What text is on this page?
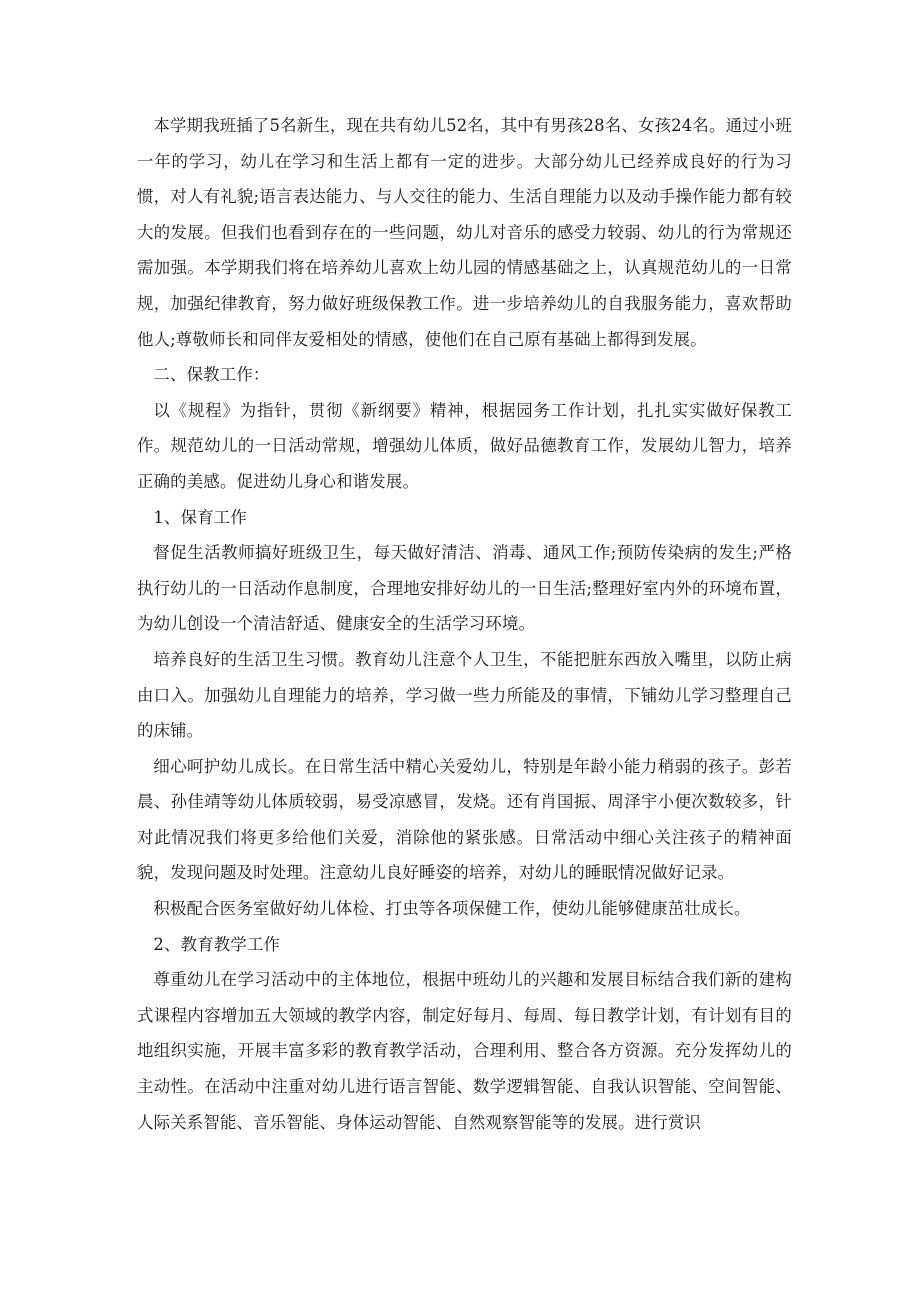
本学期我班插了5名新生，现在共有幼儿52名，其中有男孩28名、女孩24名。通过小班一年的学习，幼儿在学习和生活上都有一定的进步。大部分幼儿已经养成良好的行为习惯，对人有礼貌;语言表达能力、与人交往的能力、生活自理能力以及动手操作能力都有较大的发展。但我们也看到存在的一些问题，幼儿对音乐的感受力较弱、幼儿的行为常规还需加强。本学期我们将在培养幼儿喜欢上幼儿园的情感基础之上，认真规范幼儿的一日常规，加强纪律教育，努力做好班级保教工作。进一步培养幼儿的自我服务能力，喜欢帮助他人;尊敬师长和同伴友爱相处的情感，使他们在自己原有基础上都得到发展。

二、保教工作：

以《规程》为指针，贯彻《新纲要》精神，根据园务工作计划，扎扎实实做好保教工作。规范幼儿的一日活动常规，增强幼儿体质，做好品德教育工作，发展幼儿智力，培养正确的美感。促进幼儿身心和谐发展。

1、保育工作

督促生活教师搞好班级卫生，每天做好清洁、消毒、通风工作;预防传染病的发生;严格执行幼儿的一日活动作息制度，合理地安排好幼儿的一日生活;整理好室内外的环境布置，为幼儿创设一个清洁舒适、健康安全的生活学习环境。

培养良好的生活卫生习惯。教育幼儿注意个人卫生，不能把脏东西放入嘴里，以防止病由口入。加强幼儿自理能力的培养，学习做一些力所能及的事情，下铺幼儿学习整理自己的床铺。

细心呵护幼儿成长。在日常生活中精心关爱幼儿，特别是年龄小能力稍弱的孩子。彭若晨、孙佳靖等幼儿体质较弱，易受凉感冒，发烧。还有肖国振、周泽宇小便次数较多，针对此情况我们将更多给他们关爱，消除他的紧张感。日常活动中细心关注孩子的精神面貌，发现问题及时处理。注意幼儿良好睡姿的培养，对幼儿的睡眠情况做好记录。

积极配合医务室做好幼儿体检、打虫等各项保健工作，使幼儿能够健康茁壮成长。

2、教育教学工作

尊重幼儿在学习活动中的主体地位，根据中班幼儿的兴趣和发展目标结合我们新的建构式课程内容增加五大领域的教学内容，制定好每月、每周、每日教学计划，有计划有目的地组织实施，开展丰富多彩的教育教学活动，合理利用、整合各方资源。充分发挥幼儿的主动性。在活动中注重对幼儿进行语言智能、数学逻辑智能、自我认识智能、空间智能、人际关系智能、音乐智能、身体运动智能、自然观察智能等的发展。进行赏识
